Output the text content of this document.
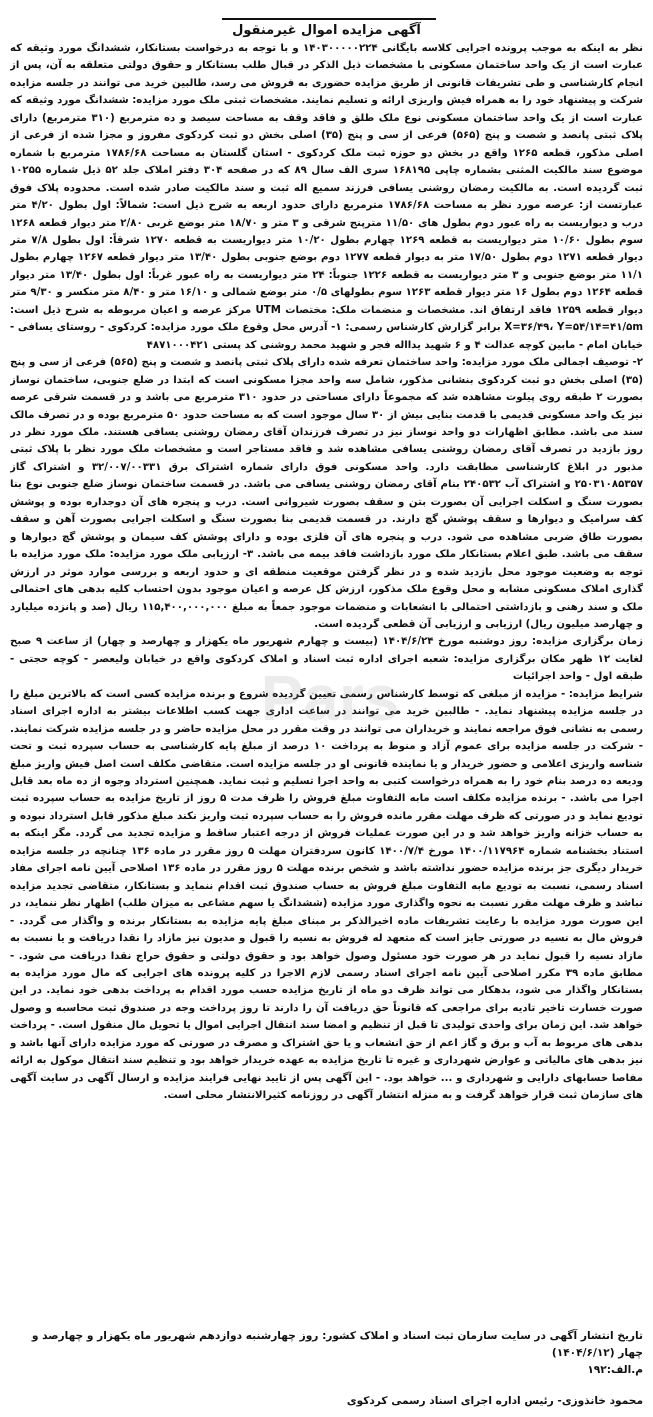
آگهی مزایده اموال غیرمنقول

نظر به اینکه به موجب پرونده اجرایی کلاسه بایگانی ۱۴۰۳۰۰۰۰۰۲۲۴ و با توجه به درخواست بستانکار، ششدانگ مورد وثیقه که عبارت است از یک واحد ساختمان مسکونی با مشخصات ذیل الذکر در قبال طلب بستانکار و حقوق دولتی متعلقه به آن، پس از انجام کارشناسی و طی تشریفات قانونی از طریق مزایده حضوری به فروش می رسد، طالبین خرید می توانند در جلسه مزایده شرکت و پیشنهاد خود را به همراه فیش واریزی ارائه و تسلیم نمایند. مشخصات ثبتی ملک مورد مزایده: ششدانگ مورد وثیقه که عبارت است از یک واحد ساختمان مسکونی نوع ملک طلق و فاقد وقف به مساحت سیصد و ده مترمربع (۳۱۰ مترمربع) دارای پلاک ثبتی پانصد و شصت و پنج (۵۶۵) فرعی از سی و پنج (۳۵) اصلی بخش دو ثبت کردکوی مفروز و مجزا شده از فرعی از اصلی مذکور، قطعه ۱۲۶۵ واقع در بخش دو حوزه ثبت ملک کردکوی - استان گلستان به مساحت ۱۷۸۶/۶۸ مترمربع با شماره موضوع سند مالکیت المثنی بشماره چاپی ۱۶۸۱۹۵ سری الف سال ۸۹ که در صفحه ۳۰۴ دفتر املاک جلد ۵۲ ذیل شماره ۱۰۲۵۵ ثبت گردیده است. به مالکیت رمضان روشنی یسافی فرزند سمیع اله ثبت و سند مالکیت صادر شده است. محدوده پلاک فوق عبارتست از: عرصه مورد نظر به مساحت ۱۷۸۶/۶۸ مترمربع دارای حدود اربعه به شرح ذیل است: شمالاً: اول بطول ۴/۲۰ متر درب و دیواریست به راه عبور دوم بطول های ۱۱/۵۰ مترپنج شرقی و ۳ متر و ۱۸/۷۰ متر بوضع غربی ۲/۸۰ متر دیوار قطعه ۱۲۶۸ سوم بطول ۱۰/۶۰ متر دیواریست به قطعه ۱۲۶۹ چهارم بطول ۱۰/۲۰ متر دیواریست به قطعه ۱۲۷۰ شرقاً: اول بطول ۷/۸ متر دیوار قطعه ۱۲۷۱ دوم بطول ۱۷/۵۰ متر به دیوار قطعه ۱۲۷۷ دوم بوضع جنوبی بطول ۱۳/۴۰ متر دیوار قطعه ۱۲۶۷ چهارم بطول ۱۱/۱ متر بوضع جنوبی و ۳ متر دیواریست به قطعه ۱۲۲۶ جنوباً: ۲۴ متر دیواریست به راه عبور غرباً: اول بطول ۱۳/۴۰ متر دیوار قطعه ۱۲۶۴ دوم بطول ۱۶ متر دیوار قطعه ۱۲۶۳ سوم بطولهای ۰/۵ متر بوضع شمالی و ۱۶/۱۰ متر و ۸/۴۰ متر منکسر و ۹/۳۰ متر دیوار قطعه ۱۲۵۹ فاقد ارتفاق اند. مشخصات و منضمات ملک: مختصات UTM مرکز عرصه و اعیان مربوطه به شرح ذیل است: X=۳۶/۴۹، Y=۵۴/۱۴=۴۱/۵m برابر گزارش کارشناس رسمی: ۱- آدرس محل وقوع ملک مورد مزایده: کردکوی - روستای یسافی - خیابان امام - مابین کوچه عدالت ۴ و ۶ شهید یدااله فجر و شهید محمد روشنی کد پستی ۴۸۷۱۰۰۰۴۲۱

۲- توصیف اجمالی ملک مورد مزایده: واحد ساختمان تعرفه شده دارای پلاک ثبتی پانصد و شصت و پنج (۵۶۵) فرعی از سی و پنج (۳۵) اصلی بخش دو ثبت کردکوی بنشانی مذکور، شامل سه واحد مجزا مسکونی است که ابتدا در ضلع جنوبی، ساختمان نوساز بصورت ۲ طبقه روی پیلوت مشاهده شد که مجموعاً دارای مساحتی در حدود ۳۱۰ مترمربع می باشد و در قسمت شرقی عرصه نیز یک واحد مسکونی قدیمی با قدمت بنایی بیش از ۳۰ سال موجود است که به مساحت حدود ۵۰ مترمربع بوده و در تصرف مالک سند می باشد. مطابق اظهارات دو واحد نوساز نیز در تصرف فرزندان آقای رمضان روشنی یسافی هستند. ملک مورد نظر در روز بازدید در تصرف آقای رمضان روشنی یسافی مشاهده شد و فاقد مستاجر است و مشخصات ملک مورد نظر با پلاک ثبتی مذبور در ابلاغ کارشناسی مطابقت دارد. واحد مسکونی فوق دارای شماره اشتراک برق ۳۲/۰۰۷/۰۰۳۳۱ و اشتراک گاز ۲۵۰۳۱۰۸۵۳۵۷ و اشتراک آب ۲۴۰۵۳۲ بنام آقای رمضان روشنی یسافی می باشد. در قسمت ساختمان نوساز ضلع جنوبی نوع بنا بصورت سنگ و اسکلت اجرایی آن بصورت بتن و سقف بصورت شیروانی است. درب و پنجره های آن دوجداره بوده و پوشش کف سرامیک و دیوارها و سقف پوشش گچ دارند. در قسمت قدیمی بنا بصورت سنگ و اسکلت اجرایی بصورت آهن و سقف بصورت طاق ضربی مشاهده می شود. درب و پنجره های آن فلزی بوده و دارای پوشش کف سیمان و پوشش گچ دیوارها و سقف می باشد. طبق اعلام بستانکار ملک مورد بازداشت فاقد بیمه می باشد. ۳- ارزیابی ملک مورد مزایده: ملک مورد مزایده با توجه به وضعیت موجود محل بازدید شده و در نظر گرفتن موقعیت منطقه ای و حدود اربعه و بررسی موارد موثر در ارزش گذاری املاک مسکونی مشابه و محل وقوع ملک مذکور، ارزش کل عرصه و اعیان موجود بدون احتساب کلیه بدهی های احتمالی ملک و سند رهنی و بازداشتی احتمالی با انشعابات و منضمات موجود جمعاً به مبلغ ۱۱۵,۴۰۰,۰۰۰,۰۰۰ ریال (صد و پانزده میلیارد و چهارصد میلیون ریال) ارزیابی و ارزیابی آن قطعی گردیده است.

زمان برگزاری مزایده: روز دوشنبه مورخ ۱۴۰۴/۶/۲۴ (بیست و چهارم شهریور ماه یکهزار و چهارصد و چهار) از ساعت ۹ صبح لغایت ۱۲ ظهر مکان برگزاری مزایده: شعبه اجرای اداره ثبت اسناد و املاک کردکوی واقع در خیابان ولیعصر - کوچه حجتی - طبقه اول - واحد اجرائیات

شرایط مزایده: - مزایده از مبلغی که توسط کارشناس رسمی تعیین گردیده شروع و برنده مزایده کسی است که بالاترین مبلغ را در جلسه مزایده پیشنهاد نماید. - طالبین خرید می توانند در ساعت اداری جهت کسب اطلاعات بیشتر به اداره اجرای اسناد رسمی به نشانی فوق مراجعه نمایند و خریداران می توانند در وقت مقرر در محل مزایده حاضر و در جلسه مزایده شرکت نمایند. - شرکت در جلسه مزایده برای عموم آزاد و منوط به پرداخت ۱۰ درصد از مبلغ پایه کارشناسی به حساب سپرده ثبت و تحت شناسه واریزی اعلامی و حضور خریدار و یا نماینده قانونی او در جلسه مزایده است. متقاضی مکلف است اصل فیش واریز مبلغ ودیعه ده درصد بنام خود را به همراه درخواست کتبی به واحد اجرا تسلیم و ثبت نماید. همچنین استرداد وجوه از ده ماه بعد قابل اجرا می باشد. - برنده مزایده مکلف است مابه التفاوت مبلغ فروش را ظرف مدت ۵ روز از تاریخ مزایده به حساب سپرده ثبت تودیع نماید و در صورتی که ظرف مهلت مقرر مانده فروش را به حساب سپرده ثبت واریز نکند مبلغ مذکور قابل استرداد نبوده و به حساب خزانه واریز خواهد شد و در این صورت عملیات فروش از درجه اعتبار ساقط و مزایده تجدید می گردد. مگر اینکه به استناد بخشنامه شماره ۱۴۰۰/۱۱۷۹۶۴ مورخ ۱۴۰۰/۷/۴ کانون سردفتران مهلت ۵ روز مقرر در ماده ۱۳۶ چنانچه در جلسه مزایده خریدار دیگری جز برنده مزایده حضور نداشته باشد و شخص برنده مهلت ۵ روز مقرر در ماده ۱۳۶ اصلاحی آیین نامه اجرای مفاد اسناد رسمی، نسبت به تودیع مابه التفاوت مبلغ فروش به حساب صندوق ثبت اقدام ننماید و بستانکار، متقاضی تجدید مزایده نباشد و ظرف مهلت مقرر نسبت به نحوه واگذاری مورد مزایده (ششدانگ یا سهم مشاعی به میزان طلب) اظهار نظر ننماید، در این صورت مورد مزایده با رعایت تشریفات ماده اخیرالذکر بر مبنای مبلغ پایه مزایده به بستانکار برنده و واگذار می گردد. - فروش مال به نسیه در صورتی جایز است که متعهد له فروش به نسیه را قبول و مدیون نیز مازاد را نقدا دریافت و یا نسبت به مازاد نسیه را قبول نماید در هر صورت خود مسئول وصول خواهد بود و حقوق دولتی و حقوق حراج نقدا دریافت می شود. - مطابق ماده ۳۹ مکرر اصلاحی آیین نامه اجرای اسناد رسمی لازم الاجرا در کلیه پرونده های اجرایی که مال مورد مزایده به بستانکار واگذار می شود، بدهکار می تواند ظرف دو ماه از تاریخ مزایده حسب مورد اقدام به پرداخت بدهی خود نماید. در این صورت خسارت تاخیر تادیه برای مراجعی که قانوناً حق دریافت آن را دارند تا روز پرداخت وجه در صندوق ثبت محاسبه و وصول خواهد شد. این زمان برای واحدی تولیدی تا قبل از تنظیم و امضا سند انتقال اجرایی اموال یا تحویل مال منقول است. - پرداخت بدهی های مربوط به آب و برق و گاز اعم از حق انشعاب و یا حق اشتراک و مصرف در صورتی که مورد مزایده دارای آنها باشد و نیز بدهی های مالیاتی و عوارض شهرداری و غیره تا تاریخ مزایده به عهده خریدار خواهد بود و تنظیم سند انتقال موکول به ارائه مفاصا حسابهای دارایی و شهرداری و ... خواهد بود. - این آگهی پس از تایید نهایی فرایند مزایده و ارسال آگهی در سایت آگهی های سازمان ثبت قرار خواهد گرفت و به منزله انتشار آگهی در روزنامه کثیرالانتشار محلی است.

Pars

تاریخ انتشار آگهی در سایت سازمان ثبت اسناد و املاک کشور: روز چهارشنبه دوازدهم شهریور ماه یکهزار و چهارصد و چهار (۱۴۰۴/۶/۱۲)

م.الف:۱۹۲

محمود خانذوزی- رئیس اداره اجرای اسناد رسمی کردکوی
